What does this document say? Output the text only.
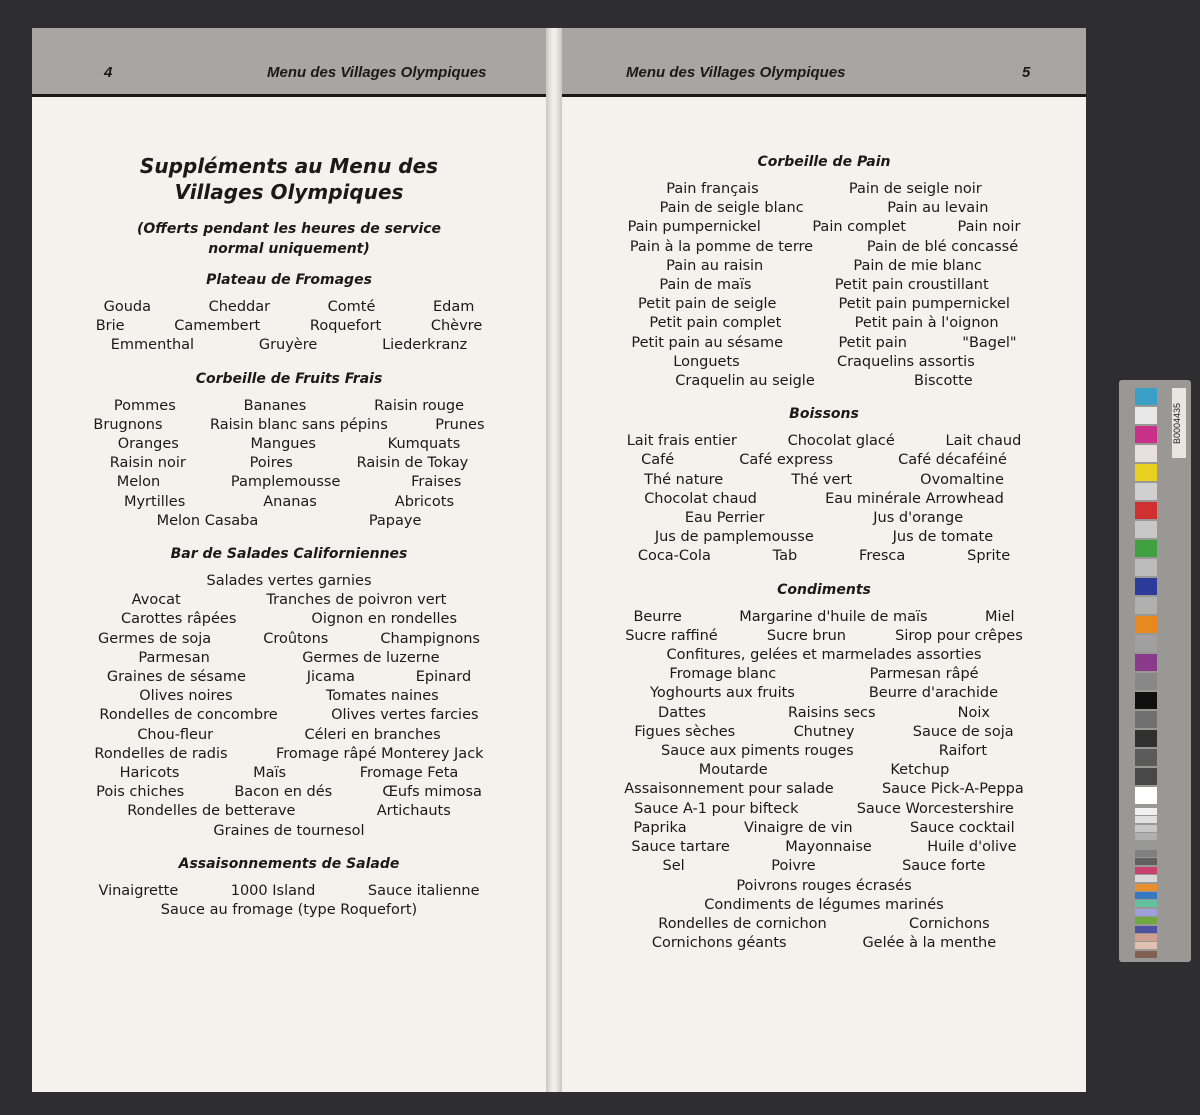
4	Menu des Villages Olympiques
Suppléments au Menu des Villages Olympiques
(Offerts pendant les heures de service normal uniquement)
Plateau de Fromages
Gouda	Cheddar	Comté	Edam
Brie	Camembert	Roquefort	Chèvre
Emmenthal	Gruyère	Liederkranz
Corbeille de Fruits Frais
Pommes	Bananes	Raisin rouge
Brugnons	Raisin blanc sans pépins	Prunes
Oranges	Mangues	Kumquats
Raisin noir	Poires	Raisin de Tokay
Melon	Pamplemousse	Fraises
Myrtilles	Ananas	Abricots
Melon Casaba	Papaye
Bar de Salades Californiennes
Salades vertes garnies
Avocat	Tranches de poivron vert
Carottes râpées	Oignon en rondelles
Germes de soja	Croûtons	Champignons
Parmesan	Germes de luzerne
Graines de sésame	Jicama	Epinard
Olives noires	Tomates naines
Rondelles de concombre	Olives vertes farcies
Chou-fleur	Céleri en branches
Rondelles de radis	Fromage râpé Monterey Jack
Haricots	Maïs	Fromage Feta
Pois chiches	Bacon en dés	Œufs mimosa
Rondelles de betterave	Artichauts
Graines de tournesol
Assaisonnements de Salade
Vinaigrette	1000 Island	Sauce italienne
Sauce au fromage (type Roquefort)
Menu des Villages Olympiques	5
Corbeille de Pain
Pain français	Pain de seigle noir
Pain de seigle blanc	Pain au levain
Pain pumpernickel	Pain complet	Pain noir
Pain à la pomme de terre	Pain de blé concassé
Pain au raisin	Pain de mie blanc
Pain de maïs	Petit pain croustillant
Petit pain de seigle	Petit pain pumpernickel
Petit pain complet	Petit pain à l'oignon
Petit pain au sésame	Petit pain	"Bagel"
Longuets	Craquelins assortis
Craquelin au seigle	Biscotte
Boissons
Lait frais entier	Chocolat glacé	Lait chaud
Café	Café express	Café décaféiné
Thé nature	Thé vert	Ovomaltine
Chocolat chaud	Eau minérale Arrowhead
Eau Perrier	Jus d'orange
Jus de pamplemousse	Jus de tomate
Coca-Cola	Tab	Fresca	Sprite
Condiments
Beurre	Margarine d'huile de maïs	Miel
Sucre raffiné	Sucre brun	Sirop pour crêpes
Confitures, gelées et marmelades assorties
Fromage blanc	Parmesan râpé
Yoghourts aux fruits	Beurre d'arachide
Dattes	Raisins secs	Noix
Figues sèches	Chutney	Sauce de soja
Sauce aux piments rouges	Raifort
Moutarde	Ketchup
Assaisonnement pour salade	Sauce Pick-A-Peppa
Sauce A-1 pour bifteck	Sauce Worcestershire
Paprika	Vinaigre de vin	Sauce cocktail
Sauce tartare	Mayonnaise	Huile d'olive
Sel	Poivre	Sauce forte
Poivrons rouges écrasés
Condiments de légumes marinés
Rondelles de cornichon	Cornichons
Cornichons géants	Gelée à la menthe
B0004435
